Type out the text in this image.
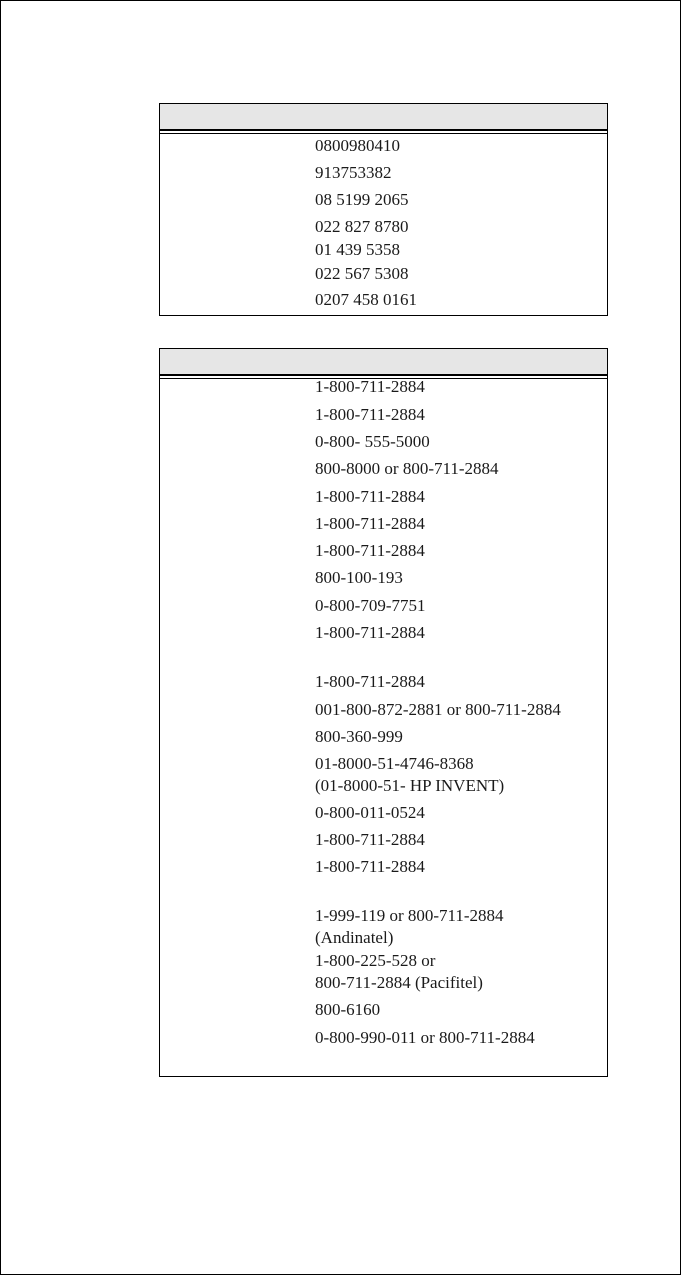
0800980410
913753382
08 5199 2065
022 827 8780
01 439 5358
022 567 5308
0207 458 0161
1-800-711-2884
1-800-711-2884
0-800- 555-5000
800-8000 or 800-711-2884
1-800-711-2884
1-800-711-2884
1-800-711-2884
800-100-193
0-800-709-7751
1-800-711-2884
1-800-711-2884
001-800-872-2881 or 800-711-2884
800-360-999
01-8000-51-4746-8368
(01-8000-51- HP INVENT)
0-800-011-0524
1-800-711-2884
1-800-711-2884
1-999-119 or 800-711-2884
(Andinatel)
1-800-225-528 or
800-711-2884 (Pacifitel)
800-6160
0-800-990-011 or 800-711-2884
